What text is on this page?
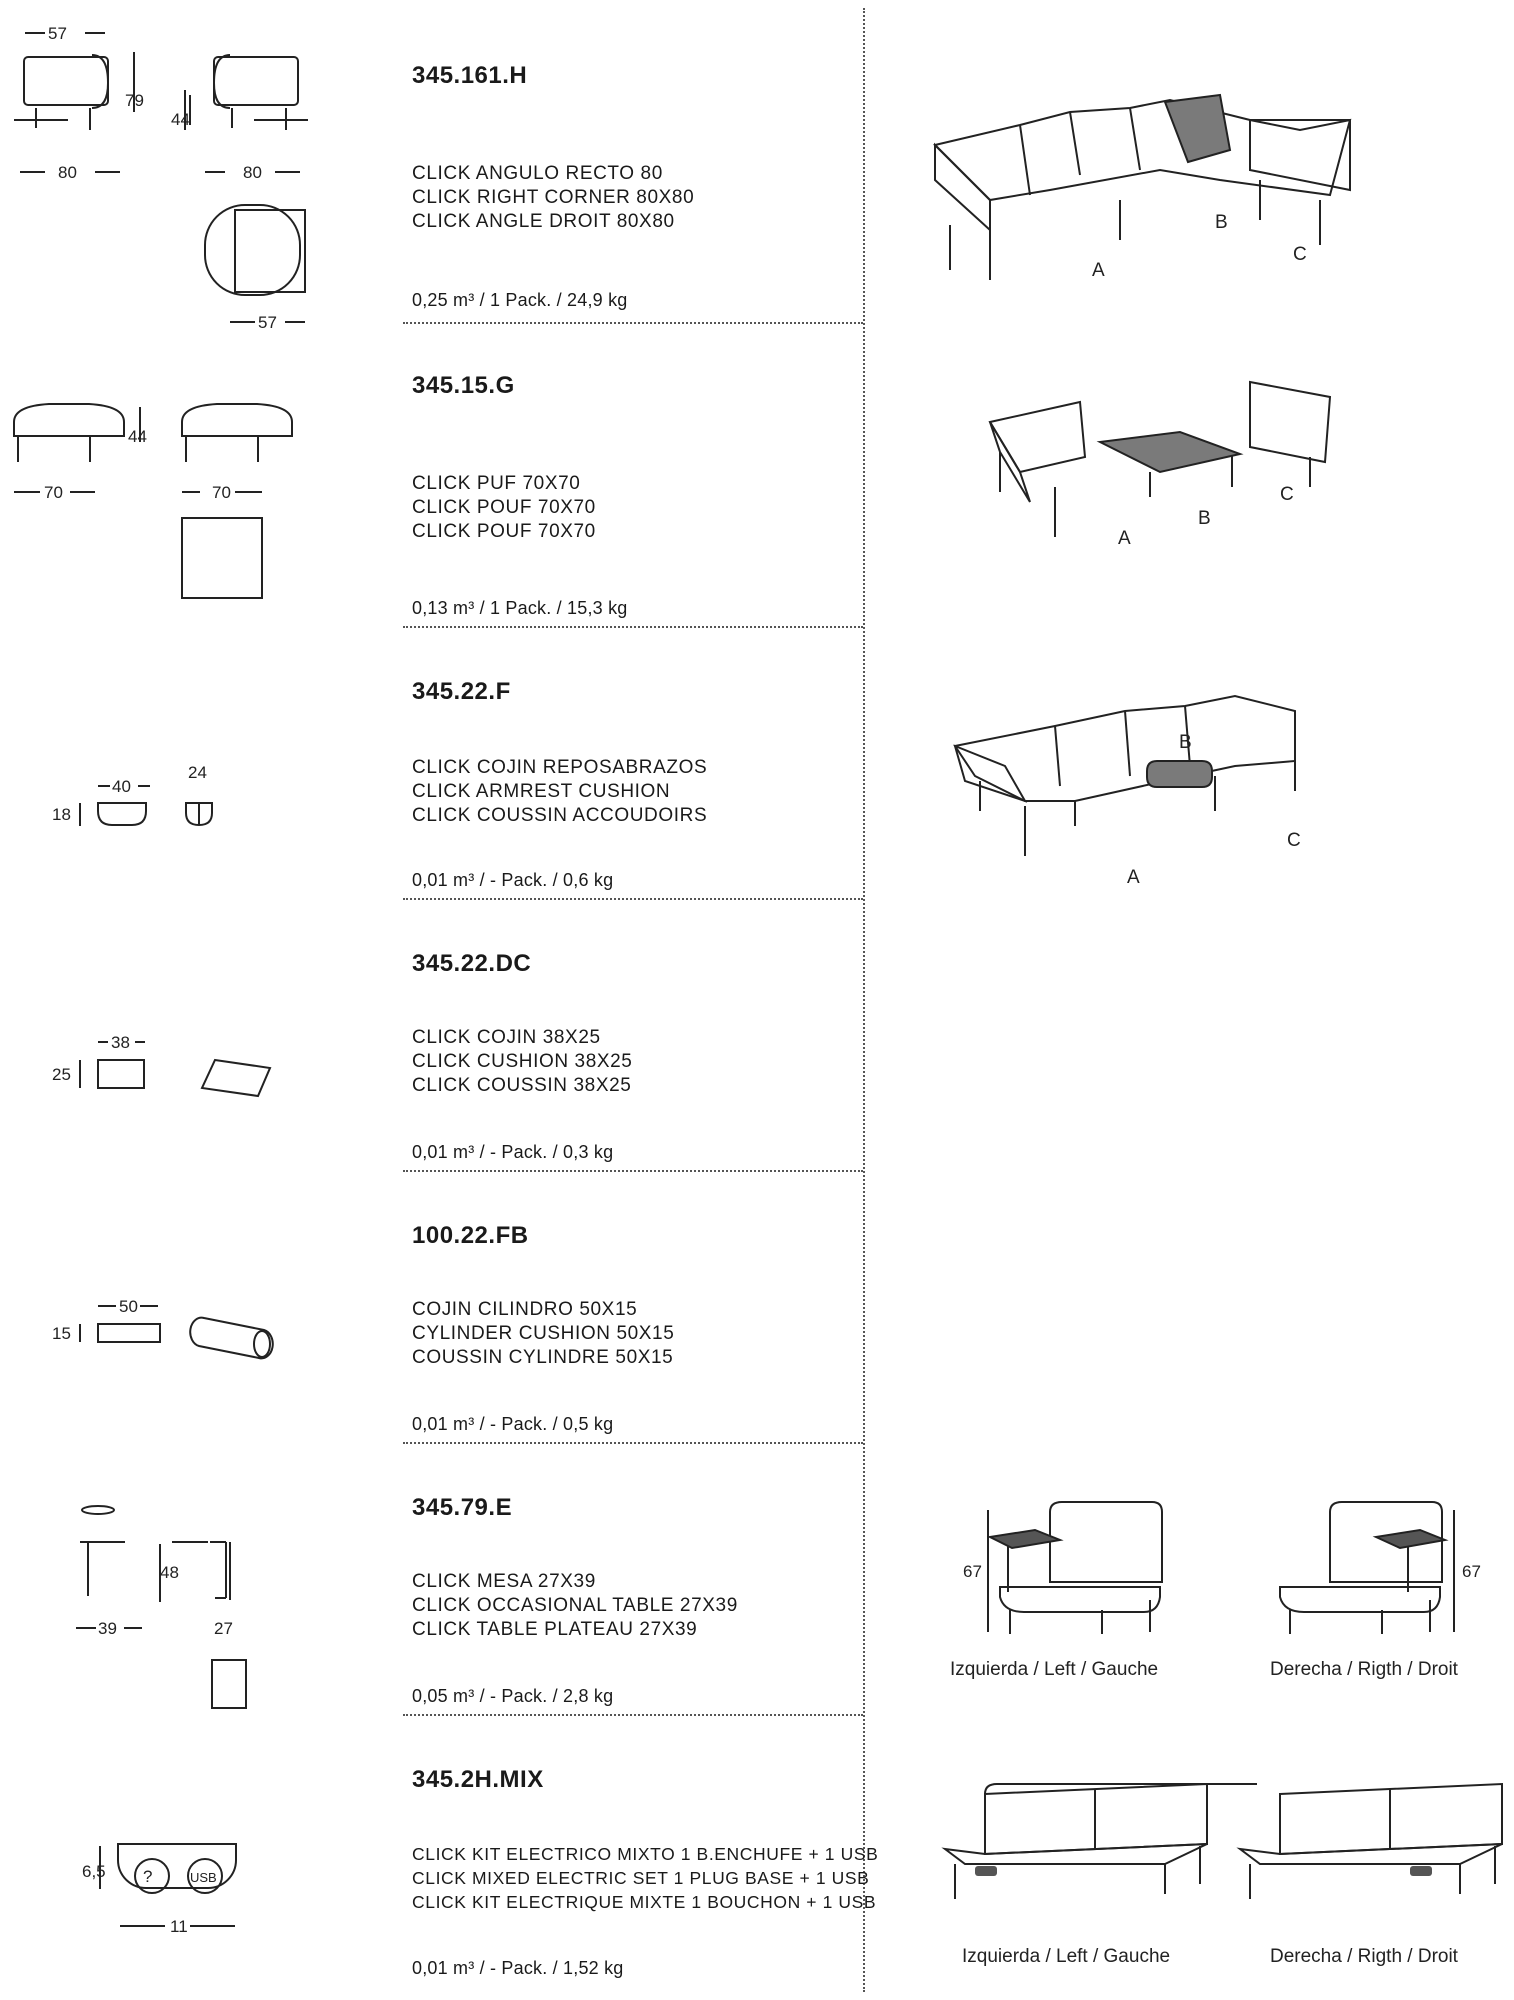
345.161.H
CLICK ANGULO RECTO 80
CLICK RIGHT CORNER 80X80
CLICK ANGLE DROIT 80X80
0,25 m³ / 1 Pack. / 24,9 kg
57
79
44
80	80
57
A
B
C
345.15.G
CLICK PUF 70X70
CLICK POUF 70X70
CLICK POUF 70X70
0,13 m³ / 1 Pack. / 15,3 kg
44
70	70
A
B
C
345.22.F
CLICK COJIN REPOSABRAZOS
CLICK ARMREST CUSHION
CLICK COUSSIN ACCOUDOIRS
0,01 m³ / - Pack. / 0,6 kg
40
24
18
A
B
C
345.22.DC
CLICK COJIN 38X25
CLICK CUSHION 38X25
CLICK COUSSIN 38X25
0,01 m³ / - Pack. / 0,3 kg
38
25
100.22.FB
COJIN CILINDRO 50X15
CYLINDER CUSHION 50X15
COUSSIN CYLINDRE 50X15
0,01 m³ / - Pack. / 0,5 kg
50
15
345.79.E
CLICK MESA 27X39
CLICK OCCASIONAL TABLE 27X39
CLICK TABLE PLATEAU 27X39
0,05 m³ / - Pack. / 2,8 kg
48
39	27
67
Izquierda / Left / Gauche
67
Derecha / Rigth / Droit
345.2H.MIX
CLICK KIT ELECTRICO MIXTO 1 B.ENCHUFE + 1 USB
CLICK MIXED ELECTRIC SET 1 PLUG BASE + 1 USB
CLICK KIT ELECTRIQUE MIXTE 1 BOUCHON + 1 USB
0,01 m³ / - Pack. / 1,52 kg
?	USB
6,5
11
Izquierda / Left / Gauche	Derecha / Rigth / Droit
